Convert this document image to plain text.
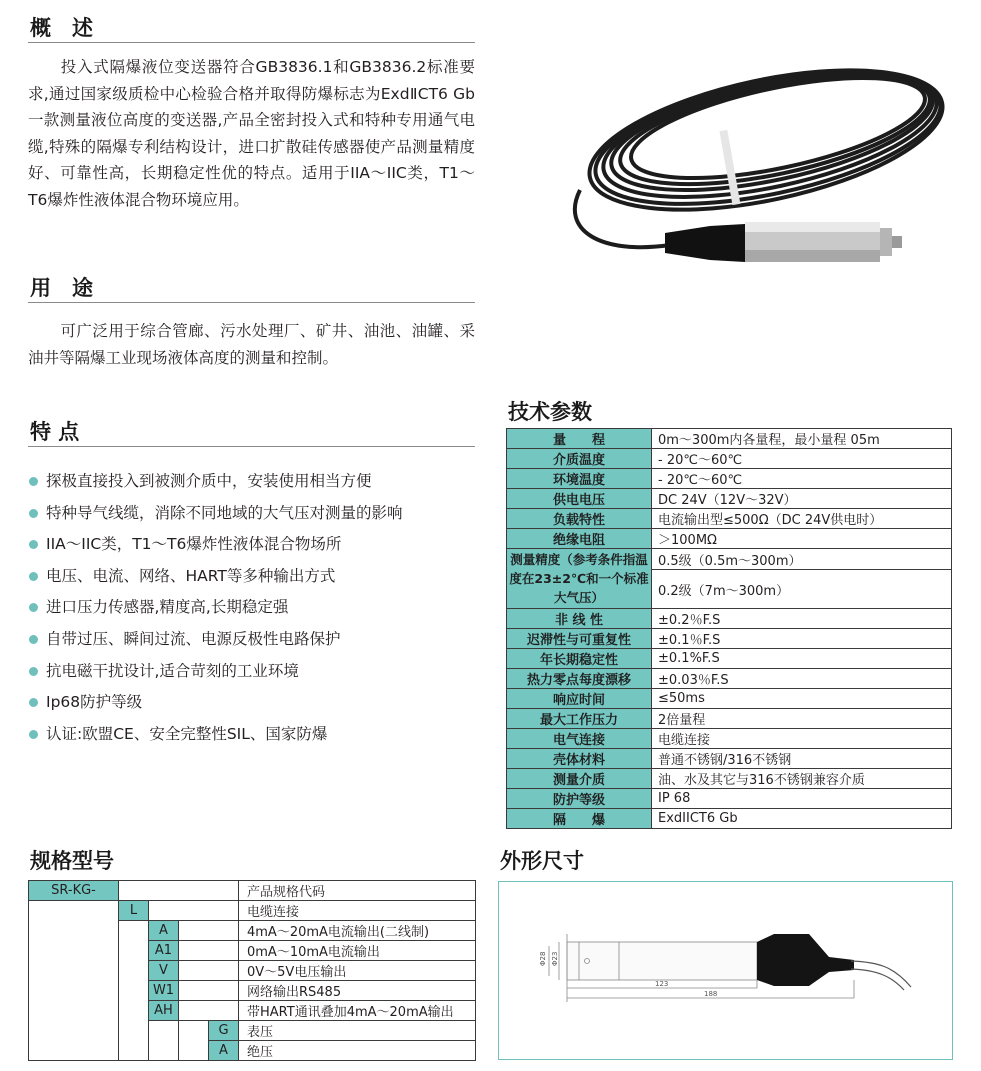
概　述
投入式隔爆液位变送器符合GB3836.1和GB3836.2标准要求,通过国家级质检中心检验合格并取得防爆标志为ExdⅡCT6 Gb一款测量液位高度的变送器,产品全密封投入式和特种专用通气电缆,特殊的隔爆专利结构设计，进口扩散硅传感器使产品测量精度好、可靠性高，长期稳定性优的特点。适用于IIA～IIC类，T1～T6爆炸性液体混合物环境应用。
用　途
可广泛用于综合管廊、污水处理厂、矿井、油池、油罐、采油井等隔爆工业现场液体高度的测量和控制。
特 点
探极直接投入到被测介质中，安装使用相当方便
特种导气线缆，消除不同地域的大气压对测量的影响
IIA～IIC类，T1～T6爆炸性液体混合物场所
电压、电流、网络、HART等多种输出方式
进口压力传感器,精度高,长期稳定强
自带过压、瞬间过流、电源反极性电路保护
抗电磁干扰设计,适合苛刻的工业环境
Ip68防护等级
认证:欧盟CE、安全完整性SIL、国家防爆
技术参数
量　　程	0m～300m内各量程，最小量程 05m
介质温度	- 20℃～60℃
环境温度	- 20℃～60℃
供电电压	DC 24V（12V～32V）
负载特性	电流输出型≤500Ω（DC 24V供电时）
绝缘电阻	＞100MΩ
测量精度（参考条件指温度在23±2℃和一个标准大气压）	0.5级（0.5m～300m）
	0.2级（7m～300m）
非 线 性	±0.2％F.S
迟滞性与可重复性	±0.1％F.S
年长期稳定性	±0.1%F.S
热力零点每度漂移	±0.03％F.S
响应时间	≤50ms
最大工作压力	2倍量程
电气连接	电缆连接
壳体材料	普通不锈钢/316不锈钢
测量介质	油、水及其它与316不锈钢兼容介质
防护等级	IP 68
隔　　爆	ExdIICT6 Gb
规格型号
SR-KG-					产品规格代码
	L				电缆连接
		A			4mA～20mA电流输出(二线制)
		A1			0mA～10mA电流输出
		V			0V～5V电压输出
		W1			网络输出RS485
		AH			带HART通讯叠加4mA～20mA输出
				G	表压
				A	绝压
外形尺寸
Φ28 Φ23
123
188
